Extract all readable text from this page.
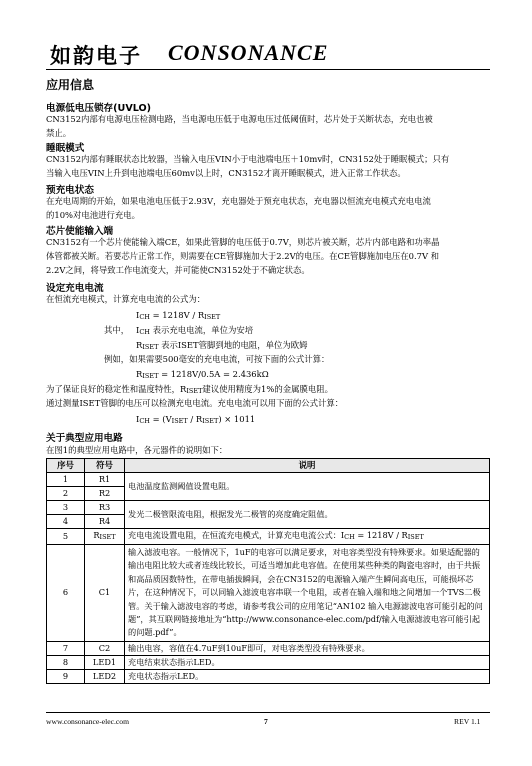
如韵电子 CONSONANCE
应用信息
电源低电压锁存(UVLO)
CN3152内部有电源电压检测电路，当电源电压低于电源电压过低阈值时，芯片处于关断状态，充电也被
禁止。
睡眠模式
CN3152内部有睡眠状态比较器，当输入电压VIN小于电池端电压＋10mv时，CN3152处于睡眠模式；只有
当输入电压VIN上升到电池端电压60mv以上时，CN3152才离开睡眠模式，进入正常工作状态。
预充电状态
在充电周期的开始，如果电池电压低于2.93V，充电器处于预充电状态，充电器以恒流充电模式充电电流
的10%对电池进行充电。
芯片使能输入端
CN3152有一个芯片使能输入端CE，如果此管脚的电压低于0.7V，则芯片被关断，芯片内部电路和功率晶
体管都被关断。若要芯片正常工作，则需要在CE管脚施加大于2.2V的电压。在CE管脚施加电压在0.7V 和
2.2V之间，将导致工作电流变大，并可能使CN3152处于不确定状态。
设定充电电流
在恒流充电模式，计算充电电流的公式为：
ICH = 1218V / RISET
其中， ICH 表示充电电流，单位为安培
RISET 表示ISET管脚到地的电阻，单位为欧姆
例如，如果需要500毫安的充电电流，可按下面的公式计算：
RISET = 1218V/0.5A = 2.436kΩ
为了保证良好的稳定性和温度特性，RISET建议使用精度为1%的金属膜电阻。
通过测量ISET管脚的电压可以检测充电电流。充电电流可以用下面的公式计算：
ICH = (VISET / RISET) × 1011
关于典型应用电路
在图1的典型应用电路中，各元器件的说明如下：
序号	符号	说明
1	R1	电池温度监测阈值设置电阻。
2	R2	
3	R3	发光二极管限流电阻，根据发光二极管的亮度确定阻值。
4	R4	
5	RISET	充电电流设置电阻，在恒流充电模式，计算充电电流公式：ICH = 1218V / RISET
6	C1	输入滤波电容。一般情况下，1uF的电容可以满足要求，对电容类型没有特殊要求。如果适配器的输出电阻比较大或者连线比较长，可适当增加此电容值。在使用某些种类的陶瓷电容时，由于共振和高品质因数特性，在带电插拔瞬间，会在CN3152的电源输入端产生瞬间高电压，可能损坏芯片，在这种情况下，可以同输入滤波电容串联一个电阻，或者在输入端和地之间增加一个TVS二极管。关于输入滤波电容的考虑，请参考我公司的应用笔记“AN102 输入电源滤波电容可能引起的问题”，其互联网链接地址为“http://www.consonance-elec.com/pdf/输入电源滤波电容可能引起的问题.pdf”。
7	C2	输出电容，容值在4.7uF到10uF即可，对电容类型没有特殊要求。
8	LED1	充电结束状态指示LED。
9	LED2	充电状态指示LED。
www.consonance-elec.com	7	REV 1.1
